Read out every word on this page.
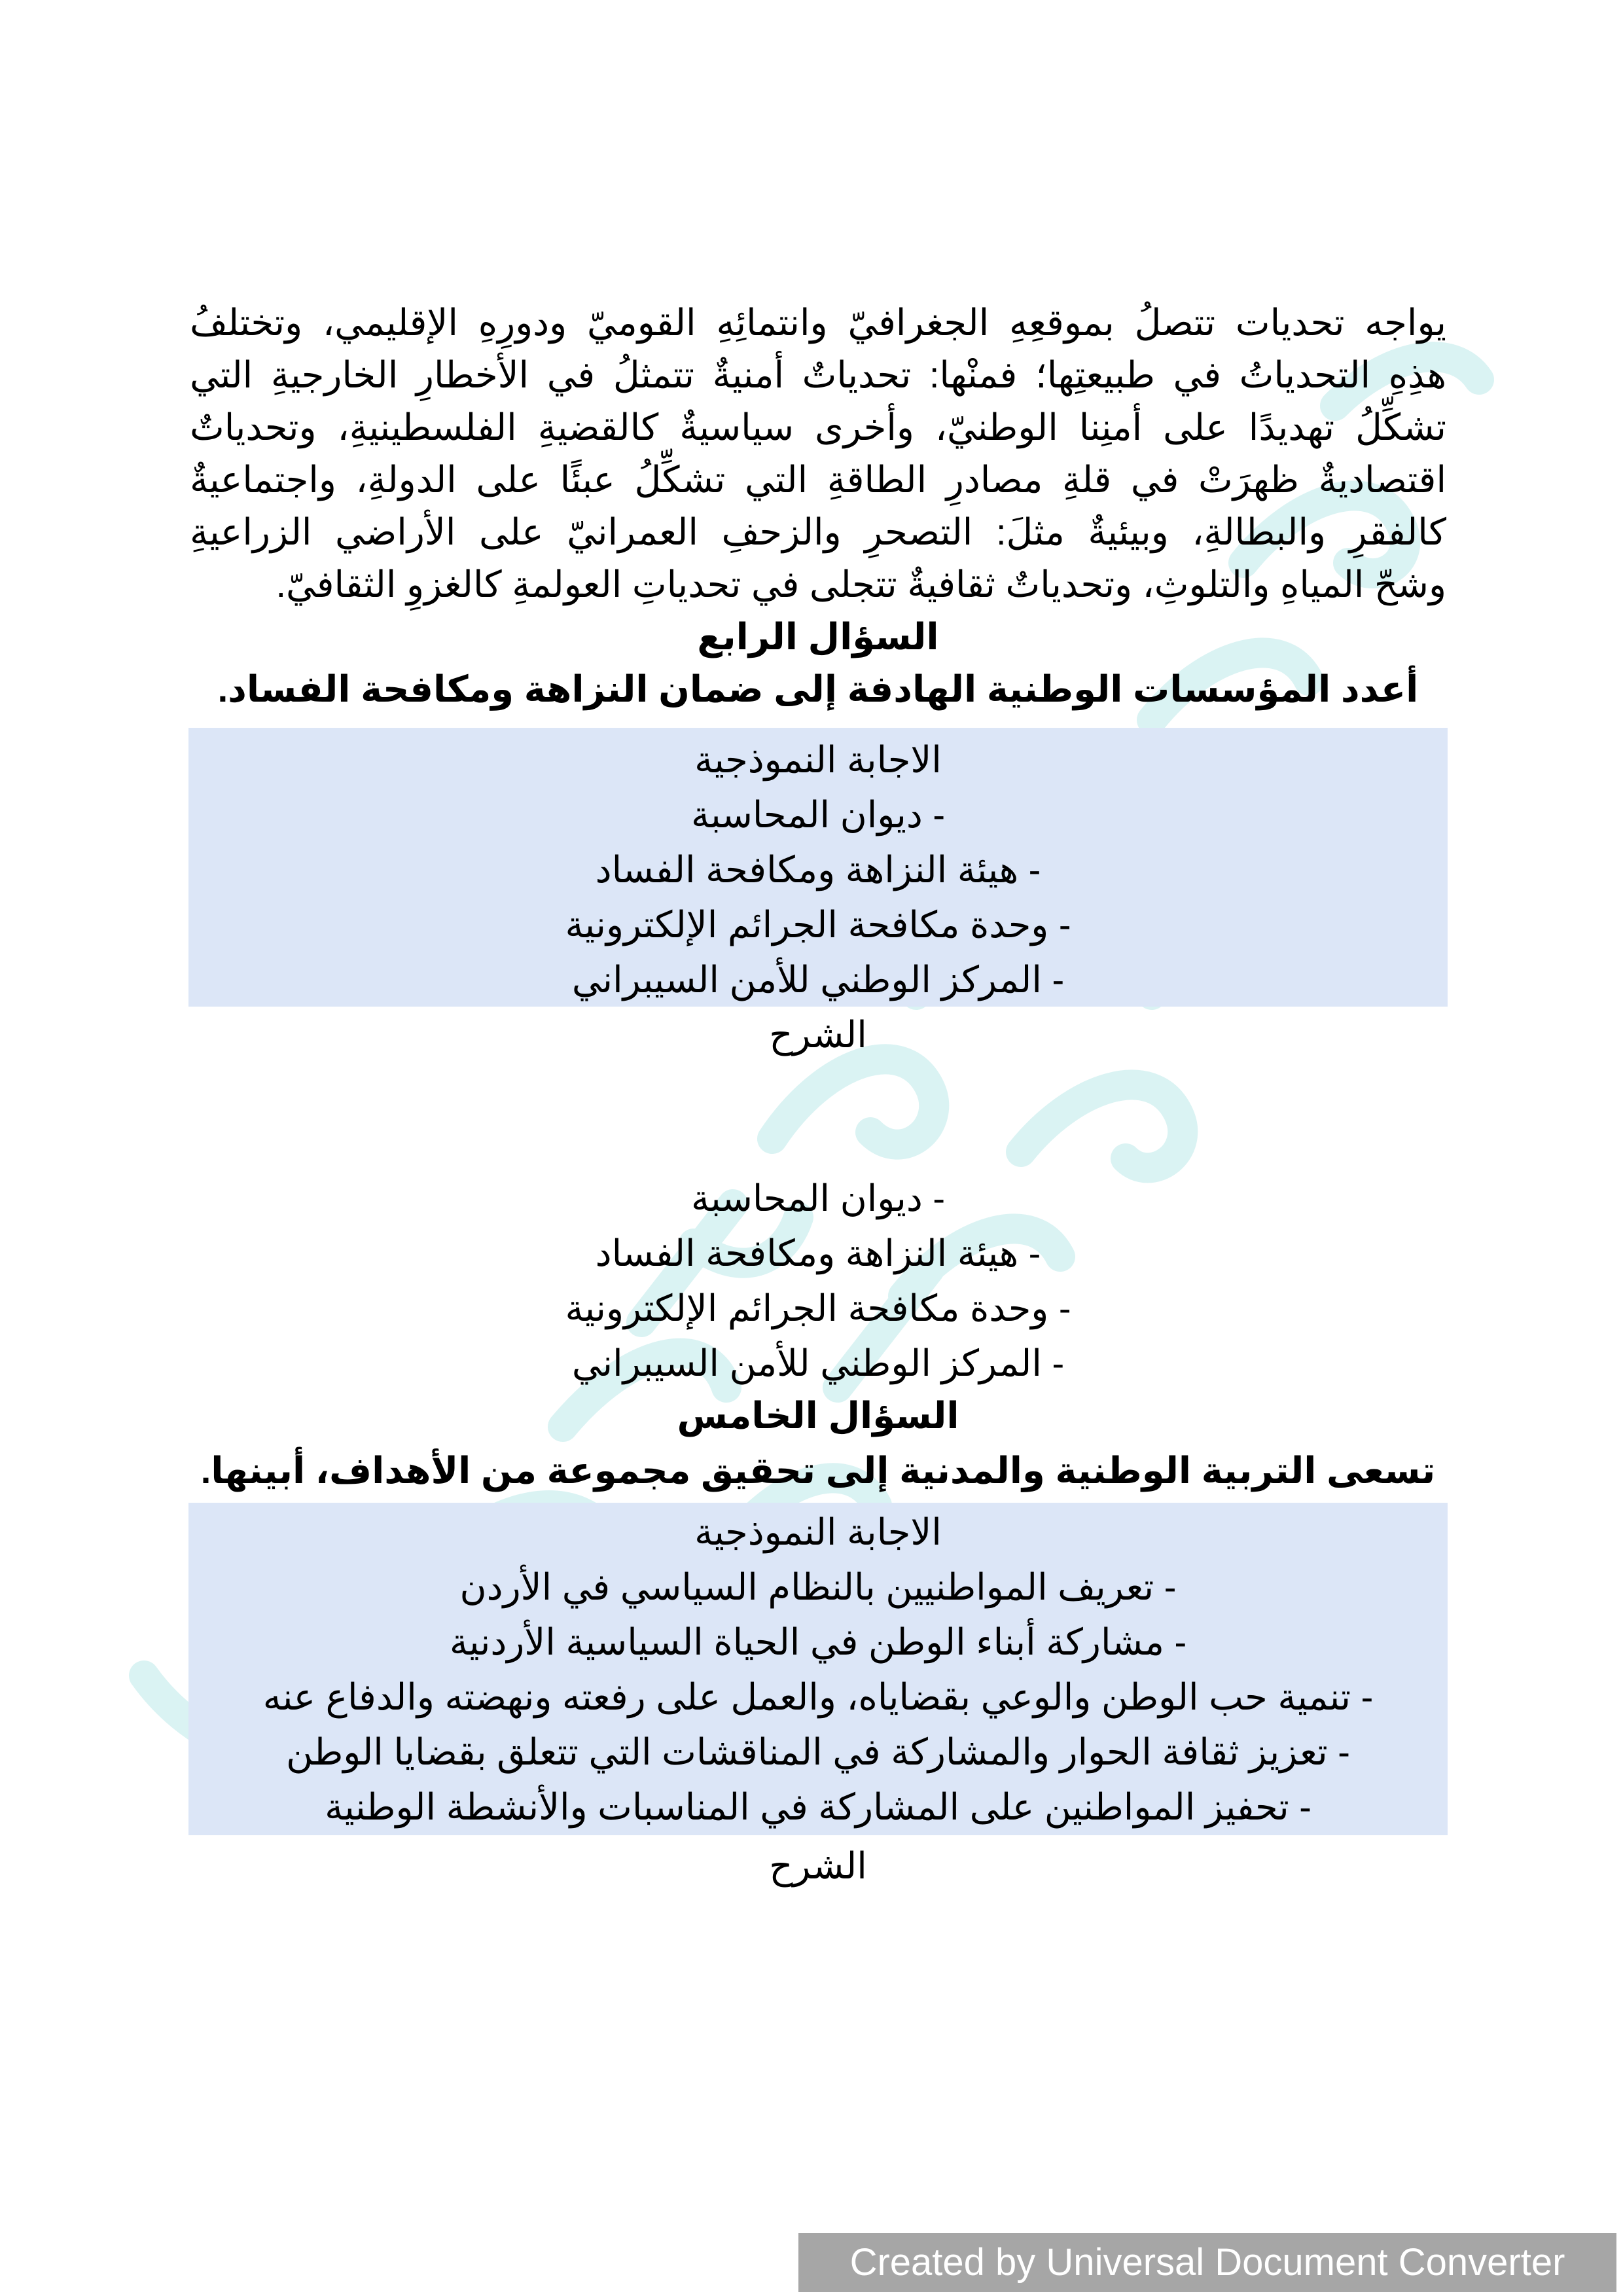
يواجه تحديات تتصلُ بموقعِهِ الجغرافيّ وانتمائِهِ القوميّ ودورِهِ الإقليمي، وتختلفُ
هذِهِ التحدياتُ في طبيعتِها؛ فمنْها: تحدياتٌ أمنيةٌ تتمثلُ في الأخطارِ الخارجيةِ التي
تشكِّلُ تهديدًا على أمنِنا الوطنيّ، وأخرى سياسيةٌ كالقضيةِ الفلسطينيةِ، وتحدياتٌ
اقتصاديةٌ ظهرَتْ في قلةِ مصادرِ الطاقةِ التي تشكِّلُ عبئًا على الدولةِ، واجتماعيةٌ
كالفقرِ والبطالةِ، وبيئيةٌ مثلَ: التصحرِ والزحفِ العمرانيّ على الأراضي الزراعيةِ
وشحّ المياهِ والتلوثِ، وتحدياتٌ ثقافيةٌ تتجلى في تحدياتِ العولمةِ كالغزوِ الثقافيّ.
السؤال الرابع
أعدد المؤسسات الوطنية الهادفة إلى ضمان النزاهة ومكافحة الفساد.
الاجابة النموذجية
- ديوان المحاسبة
- هيئة النزاهة ومكافحة الفساد
- وحدة مكافحة الجرائم الإلكترونية
- المركز الوطني للأمن السيبراني
الشرح
- ديوان المحاسبة
- هيئة النزاهة ومكافحة الفساد
- وحدة مكافحة الجرائم الإلكترونية
- المركز الوطني للأمن السيبراني
السؤال الخامس
تسعى التربية الوطنية والمدنية إلى تحقيق مجموعة من الأهداف، أبينها.
الاجابة النموذجية
- تعريف المواطنيين بالنظام السياسي في الأردن
- مشاركة أبناء الوطن في الحياة السياسية الأردنية
- تنمية حب الوطن والوعي بقضاياه، والعمل على رفعته ونهضته والدفاع عنه
- تعزيز ثقافة الحوار والمشاركة في المناقشات التي تتعلق بقضايا الوطن
- تحفيز المواطنين على المشاركة في المناسبات والأنشطة الوطنية
الشرح
Created by Universal Document Converter
